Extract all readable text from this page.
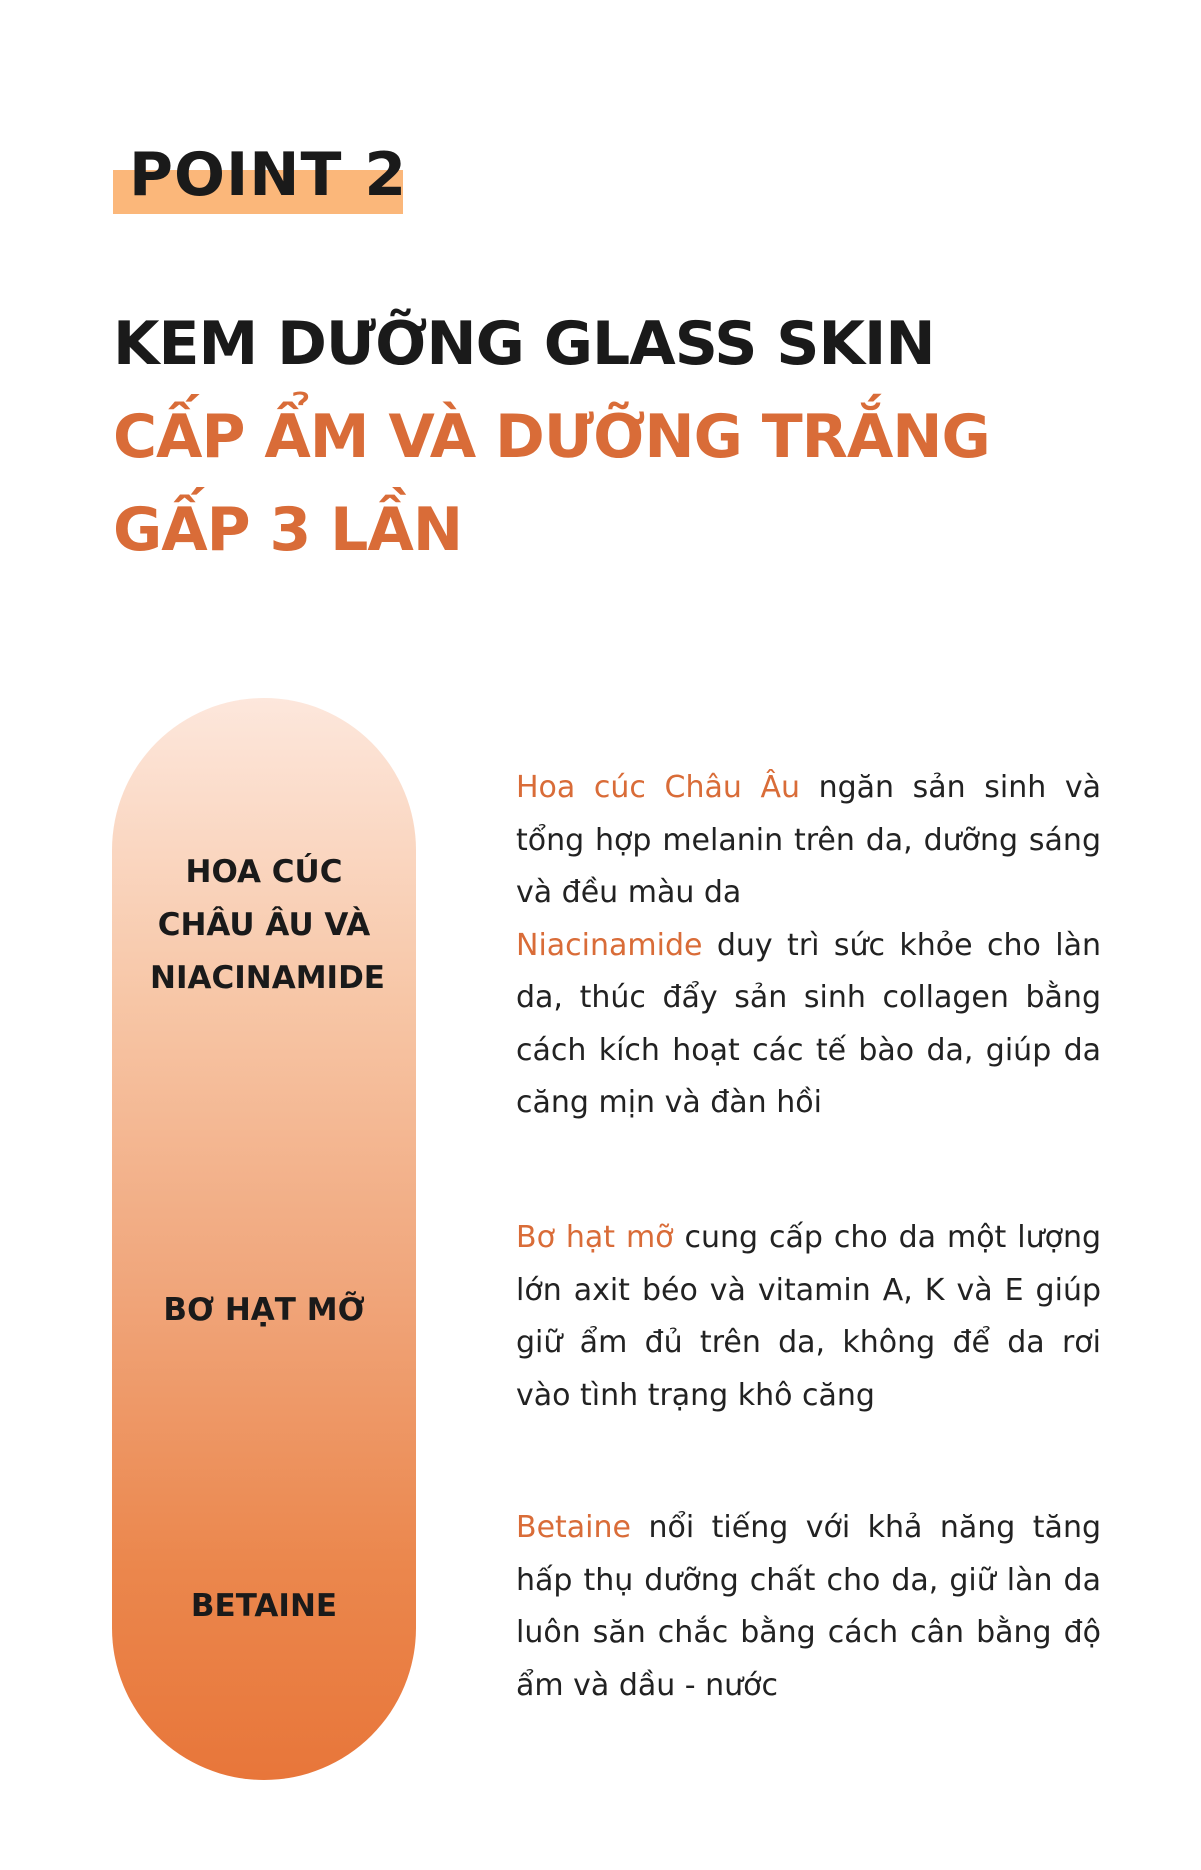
POINT 2
KEM DƯỠNG GLASS SKIN
CẤP ẨM VÀ DƯỠNG TRẮNG
GẤP 3 LẦN
HOA CÚC CHÂU ÂU VÀ NIACINAMIDE
BƠ HẠT MỠ
BETAINE

Hoa cúc Châu Âu ngăn sản sinh và tổng hợp melanin trên da, dưỡng sáng và đều màu da

Niacinamide duy trì sức khỏe cho làn da, thúc đẩy sản sinh collagen bằng cách kích hoạt các tế bào da, giúp da căng mịn và đàn hồi

Bơ hạt mỡ cung cấp cho da một lượng lớn axit béo và vitamin A, K và E giúp giữ ẩm đủ trên da, không để da rơi vào tình trạng khô căng

Betaine nổi tiếng với khả năng tăng hấp thụ dưỡng chất cho da, giữ làn da luôn săn chắc bằng cách cân bằng độ ẩm và dầu - nước
